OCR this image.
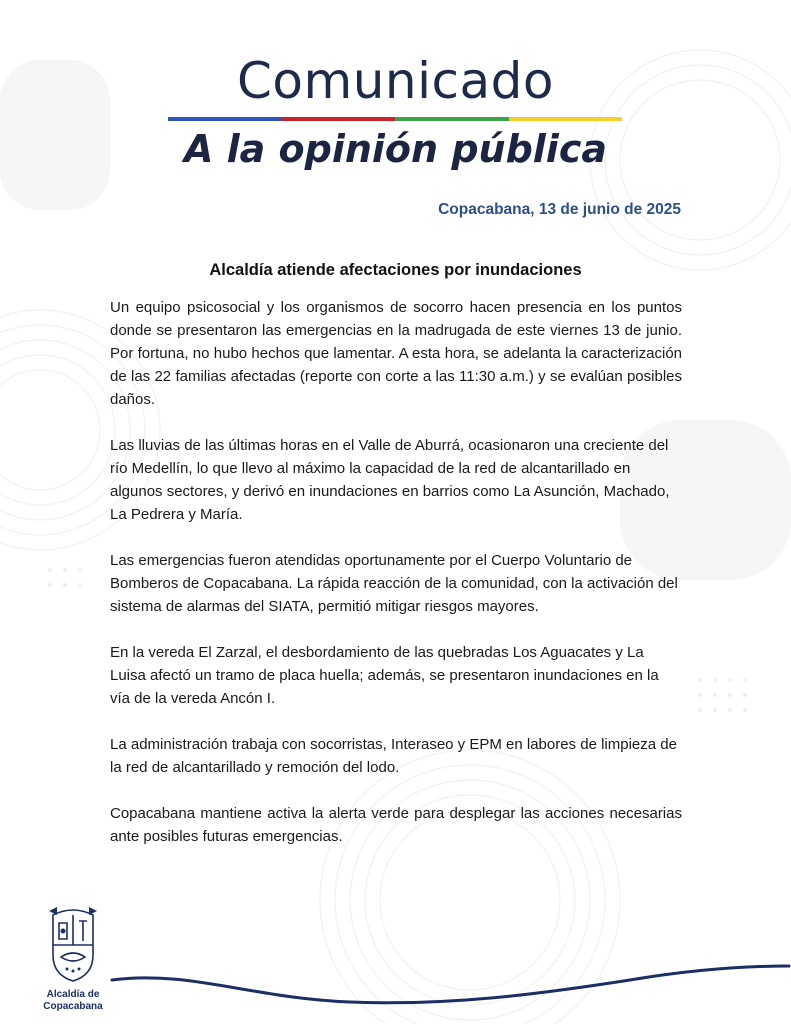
Comunicado
A la opinión pública
Copacabana, 13 de junio de 2025
Alcaldía atiende afectaciones por inundaciones

Un equipo psicosocial y los organismos de socorro hacen presencia en los puntos donde se presentaron las emergencias en la madrugada de este viernes 13 de junio. Por fortuna, no hubo hechos que lamentar. A esta hora, se adelanta la caracterización de las 22 familias afectadas (reporte con corte a las 11:30 a.m.) y se evalúan posibles daños.

Las lluvias de las últimas horas en el Valle de Aburrá, ocasionaron una creciente del río Medellín, lo que llevo al máximo la capacidad de la red de alcantarillado en algunos sectores, y derivó en inundaciones en barrios como La Asunción, Machado, La Pedrera y María.

Las emergencias fueron atendidas oportunamente por el Cuerpo Voluntario de Bomberos de Copacabana. La rápida reacción de la comunidad, con la activación del sistema de alarmas del SIATA, permitió mitigar riesgos mayores.

En la vereda El Zarzal, el desbordamiento de las quebradas Los Aguacates y La Luisa afectó un tramo de placa huella; además, se presentaron inundaciones en la vía de la vereda Ancón I.

La administración trabaja con socorristas, Interaseo y EPM en labores de limpieza de la red de alcantarillado y remoción del lodo.

Copacabana mantiene activa la alerta verde para desplegar las acciones necesarias ante posibles futuras emergencias.

Alcaldía de
Copacabana
